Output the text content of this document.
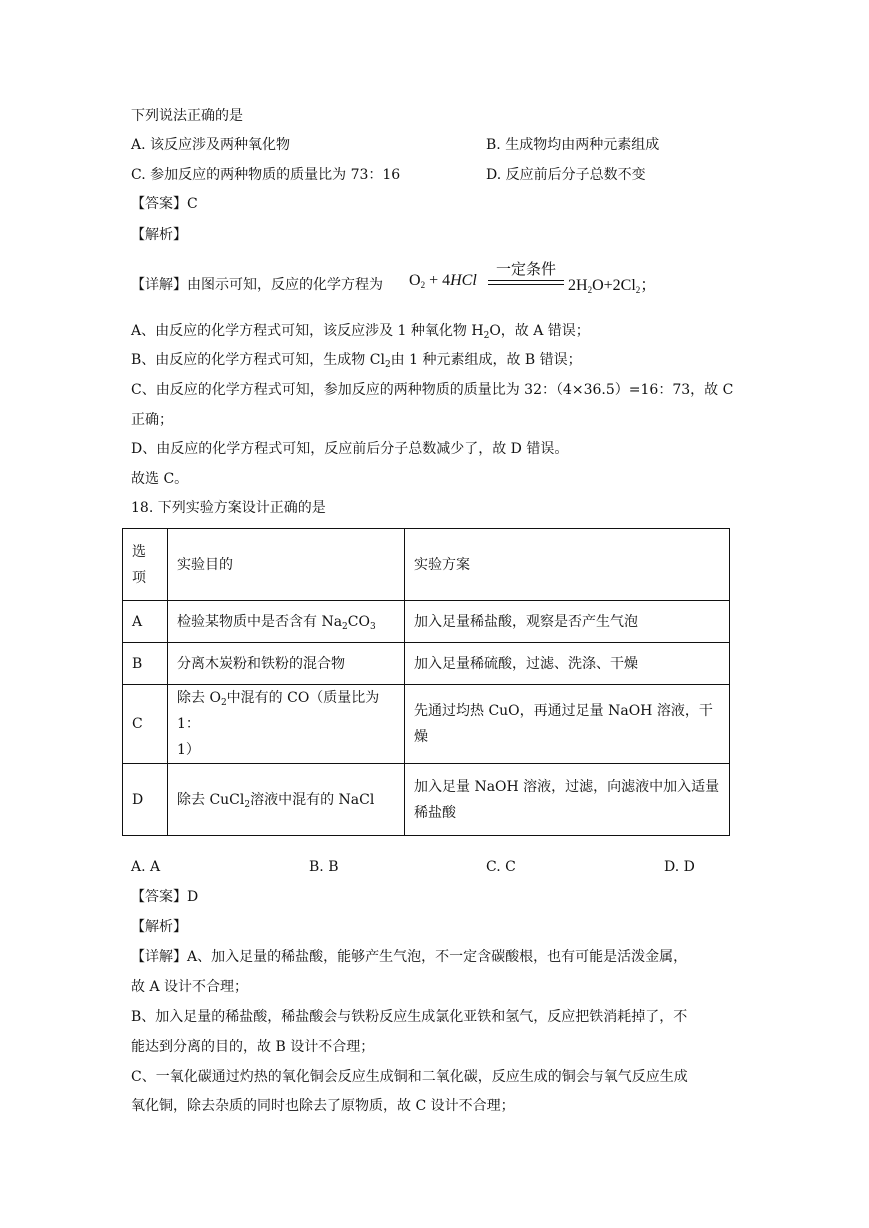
下列说法正确的是
A. 该反应涉及两种氧化物	B. 生成物均由两种元素组成
C. 参加反应的两种物质的质量比为 73：16	D. 反应前后分子总数不变
【答案】C
【解析】
【详解】由图示可知，反应的化学方程为 $O_2 + 4HCl$
一定条件
$2H_2O+2Cl_2$；
A、由反应的化学方程式可知，该反应涉及 1 种氧化物 $H_2O$，故 A 错误；
B、由反应的化学方程式可知，生成物 $Cl_2$由 1 种元素组成，故 B 错误；
C、由反应的化学方程式可知，参加反应的两种物质的质量比为 32：（4×36.5）=16：73，故 C
正确；
D、由反应的化学方程式可知，反应前后分子总数减少了，故 D 错误。
故选 C。
18. 下列实验方案设计正确的是
选
项	实验目的	实验方案
A	检验某物质中是否含有 $Na_2CO_3$	加入足量稀盐酸，观察是否产生气泡
B	分离木炭粉和铁粉的混合物	加入足量稀硫酸，过滤、洗涤、干燥
C	除去 $O_2$中混有的 CO（质量比为 1：
1）	先通过均热 CuO，再通过足量 NaOH 溶液，干燥
D	除去 CuCl$_2$溶液中混有的 NaCl	加入足量 NaOH 溶液，过滤，向滤液中加入适量
稀盐酸
A. A	B. B	C. C	D. D
【答案】D
【解析】
【详解】A、加入足量的稀盐酸，能够产生气泡，不一定含碳酸根，也有可能是活泼金属，
故 A 设计不合理；
B、加入足量的稀盐酸，稀盐酸会与铁粉反应生成氯化亚铁和氢气，反应把铁消耗掉了，不
能达到分离的目的，故 B 设计不合理；
C、一氧化碳通过灼热的氧化铜会反应生成铜和二氧化碳，反应生成的铜会与氧气反应生成
氧化铜，除去杂质的同时也除去了原物质，故 C 设计不合理；
